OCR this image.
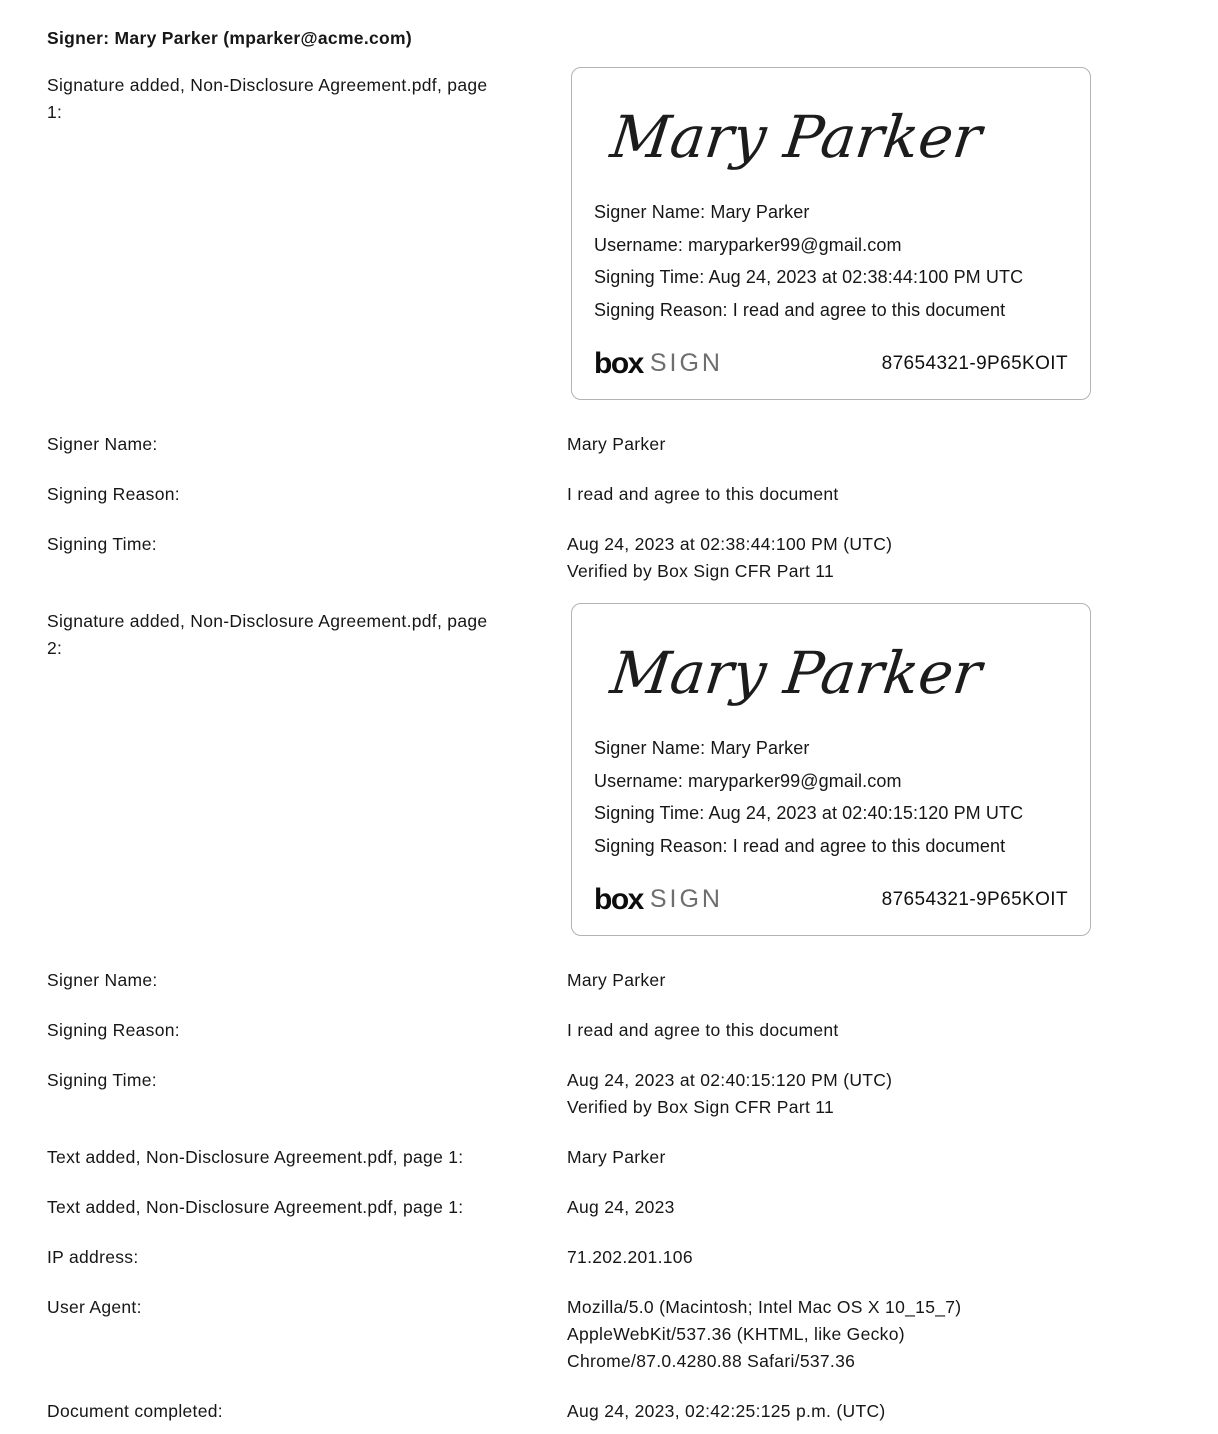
Signer: Mary Parker (mparker@acme.com)
Signature added, Non-Disclosure Agreement.pdf, page 1:	Mary Parker
Signer Name: Mary Parker
Username: maryparker99@gmail.com
Signing Time: Aug 24, 2023 at 02:38:44:100 PM UTC
Signing Reason: I read and agree to this document
box SIGN	87654321-9P65KOIT
Signer Name:	Mary Parker
Signing Reason:	I read and agree to this document
Signing Time:	Aug 24, 2023 at 02:38:44:100 PM (UTC)
Verified by Box Sign CFR Part 11
Signature added, Non-Disclosure Agreement.pdf, page 2:	Mary Parker
Signer Name: Mary Parker
Username: maryparker99@gmail.com
Signing Time: Aug 24, 2023 at 02:40:15:120 PM UTC
Signing Reason: I read and agree to this document
box SIGN	87654321-9P65KOIT
Signer Name:	Mary Parker
Signing Reason:	I read and agree to this document
Signing Time:	Aug 24, 2023 at 02:40:15:120 PM (UTC)
Verified by Box Sign CFR Part 11
Text added, Non-Disclosure Agreement.pdf, page 1:	Mary Parker
Text added, Non-Disclosure Agreement.pdf, page 1:	Aug 24, 2023
IP address:	71.202.201.106
User Agent:	Mozilla/5.0 (Macintosh; Intel Mac OS X 10_15_7) AppleWebKit/537.36 (KHTML, like Gecko) Chrome/87.0.4280.88 Safari/537.36
Document completed:	Aug 24, 2023, 02:42:25:125 p.m. (UTC)
